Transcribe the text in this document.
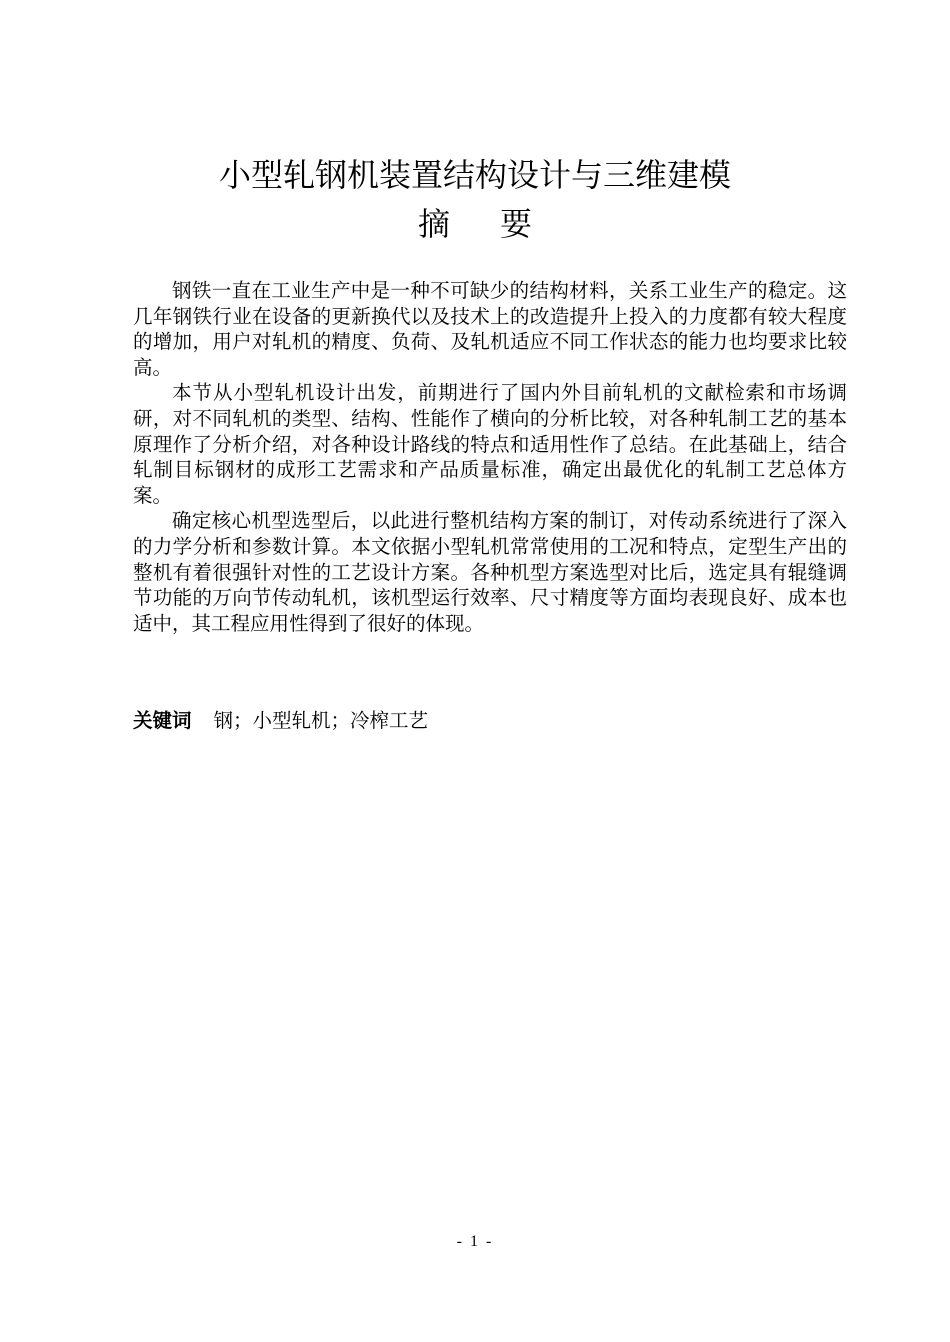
小型轧钢机装置结构设计与三维建模
摘要

钢铁一直在工业生产中是一种不可缺少的结构材料，关系工业生产的稳定。这几年钢铁行业在设备的更新换代以及技术上的改造提升上投入的力度都有较大程度的增加，用户对轧机的精度、负荷、及轧机适应不同工作状态的能力也均要求比较高。

本节从小型轧机设计出发，前期进行了国内外目前轧机的文献检索和市场调研，对不同轧机的类型、结构、性能作了横向的分析比较，对各种轧制工艺的基本原理作了分析介绍，对各种设计路线的特点和适用性作了总结。在此基础上，结合轧制目标钢材的成形工艺需求和产品质量标准，确定出最优化的轧制工艺总体方案。

确定核心机型选型后，以此进行整机结构方案的制订，对传动系统进行了深入的力学分析和参数计算。本文依据小型轧机常常使用的工况和特点，定型生产出的整机有着很强针对性的工艺设计方案。各种机型方案选型对比后，选定具有辊缝调节功能的万向节传动轧机，该机型运行效率、尺寸精度等方面均表现良好、成本也适中，其工程应用性得到了很好的体现。

关键词 钢；小型轧机；冷榨工艺
- 1 -
